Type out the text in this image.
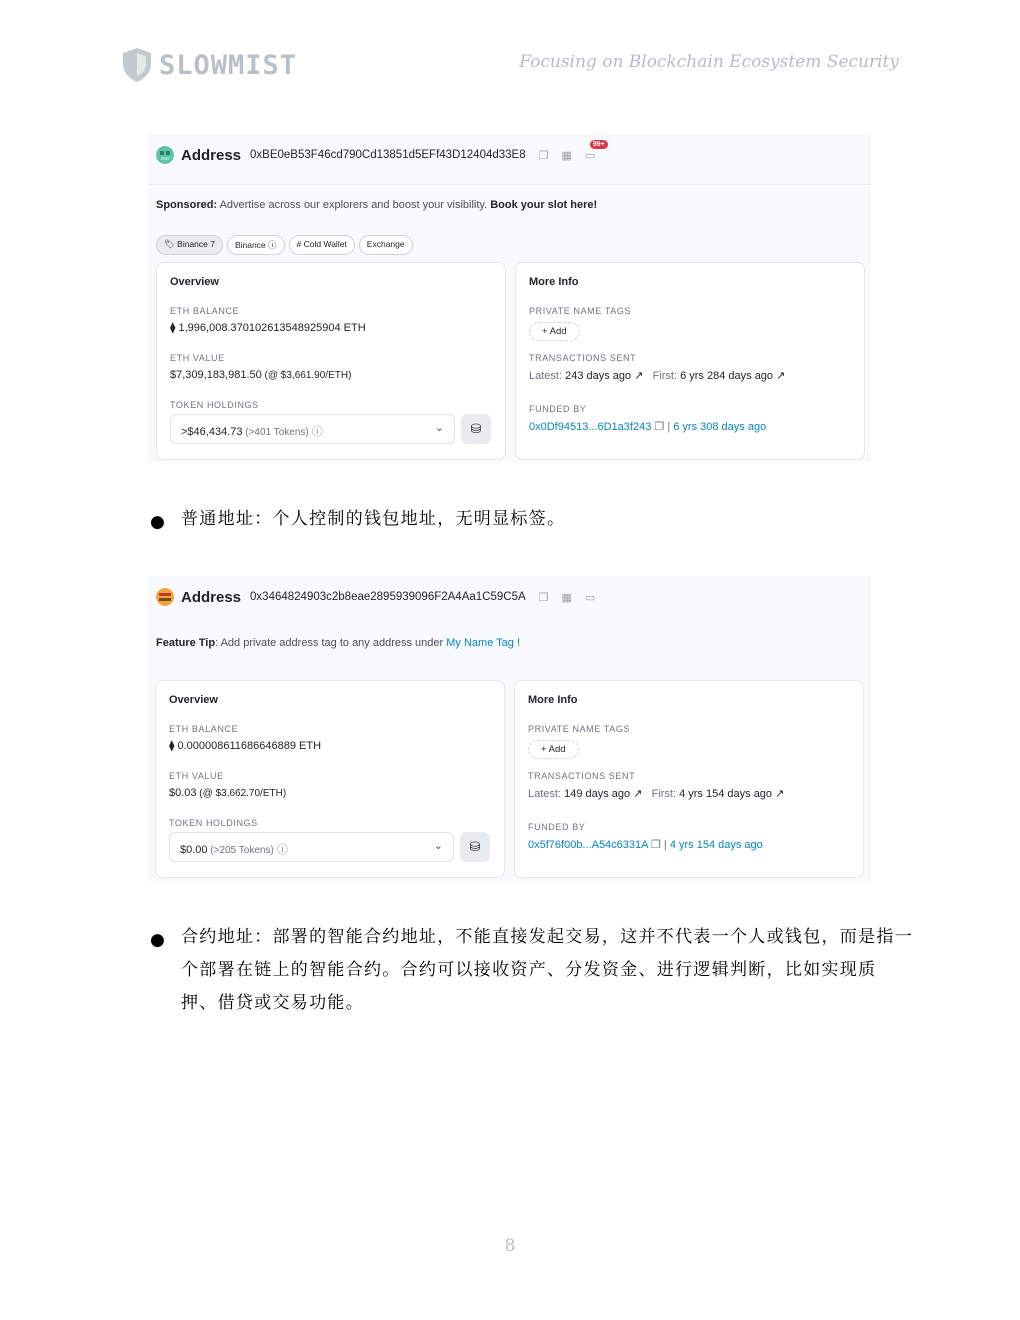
SLOWMIST	Focusing on Blockchain Ecosystem Security
Address 0xBE0eB53F46cd790Cd13851d5EFf43D12404d33E8 ❐ ▦ ▭
99+
Sponsored: Advertise across our explorers and boost your visibility. Book your slot here!
🏷 Binance 7	Binance ⓘ	# Cold Wallet	Exchange
Overview
ETH BALANCE
⧫ 1,996,008.370102613548925904 ETH
ETH VALUE
$7,309,183,981.50 (@ $3,661.90/ETH)
TOKEN HOLDINGS
>$46,434.73 (>401 Tokens) ⓘ	⌄	⛁
More Info
PRIVATE NAME TAGS
+ Add
TRANSACTIONS SENT
Latest: 243 days ago ↗ First: 6 yrs 284 days ago ↗
FUNDED BY
0x0Df94513...6D1a3f243 ❐ | 6 yrs 308 days ago
● 普通地址：个人控制的钱包地址，无明显标签。
Address 0x3464824903c2b8eae2895939096F2A4Aa1C59C5A ❐ ▦ ▭
Feature Tip: Add private address tag to any address under My Name Tag !
Overview
ETH BALANCE
⧫ 0.000008611686646889 ETH
ETH VALUE
$0.03 (@ $3,662.70/ETH)
TOKEN HOLDINGS
$0.00 (>205 Tokens) ⓘ	⌄	⛁
More Info
PRIVATE NAME TAGS
+ Add
TRANSACTIONS SENT
Latest: 149 days ago ↗ First: 4 yrs 154 days ago ↗
FUNDED BY
0x5f76f00b...A54c6331A ❐ | 4 yrs 154 days ago
● 合约地址：部署的智能合约地址，不能直接发起交易，这并不代表一个人或钱包，而是指一
个部署在链上的智能合约。合约可以接收资产、分发资金、进行逻辑判断，比如实现质
押、借贷或交易功能。
8
